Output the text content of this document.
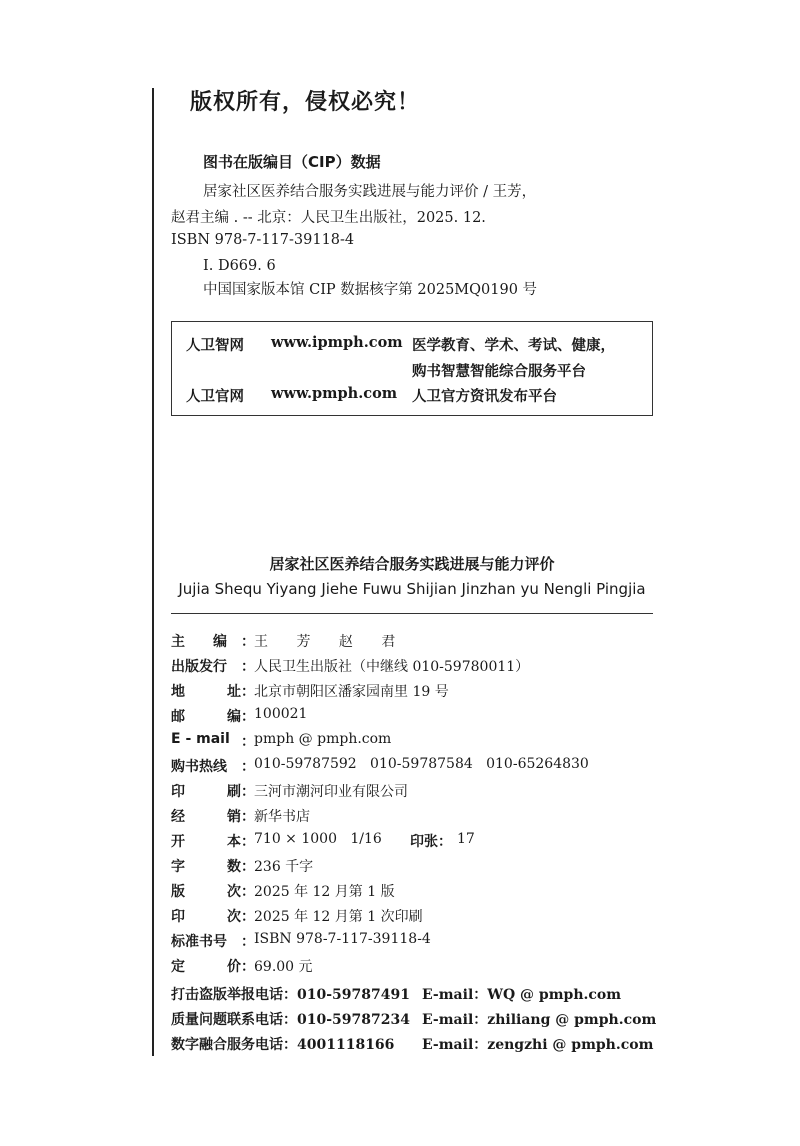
版权所有，侵权必究！
图书在版编目（CIP）数据
居家社区医养结合服务实践进展与能力评价 / 王芳，
赵君主编 . -- 北京：人民卫生出版社，2025. 12.
ISBN 978-7-117-39118-4
I. D669. 6
中国国家版本馆 CIP 数据核字第 2025MQ0190 号
人卫智网 www.ipmph.com 医学教育、学术、考试、健康，
购书智慧智能综合服务平台
人卫官网 www.pmph.com 人卫官方资讯发布平台
居家社区医养结合服务实践进展与能力评价
Jujia Shequ Yiyang Jiehe Fuwu Shijian Jinzhan yu Nengli Pingjia
主 编 ： 王 芳 赵 君
出版发行 ： 人民卫生出版社（中继线 010-59780011）
地	址 ： 北京市朝阳区潘家园南里 19 号
邮	编 ： 100021
E - mail ： pmph @ pmph.com
购书热线 ： 010-59787592   010-59787584   010-65264830
印	刷 ： 三河市潮河印业有限公司
经	销 ： 新华书店
开	本 ： 710 × 1000   1/16 印张： 17
字	数 ： 236 千字
版	次 ： 2025 年 12 月第 1 版
印	次 ： 2025 年 12 月第 1 次印刷
标准书号 ： ISBN 978-7-117-39118-4
定	价 ： 69.00 元
打击盗版举报电话：010-59787491 E-mail：WQ @ pmph.com
质量问题联系电话：010-59787234 E-mail：zhiliang @ pmph.com
数字融合服务电话：4001118166 E-mail：zengzhi @ pmph.com
